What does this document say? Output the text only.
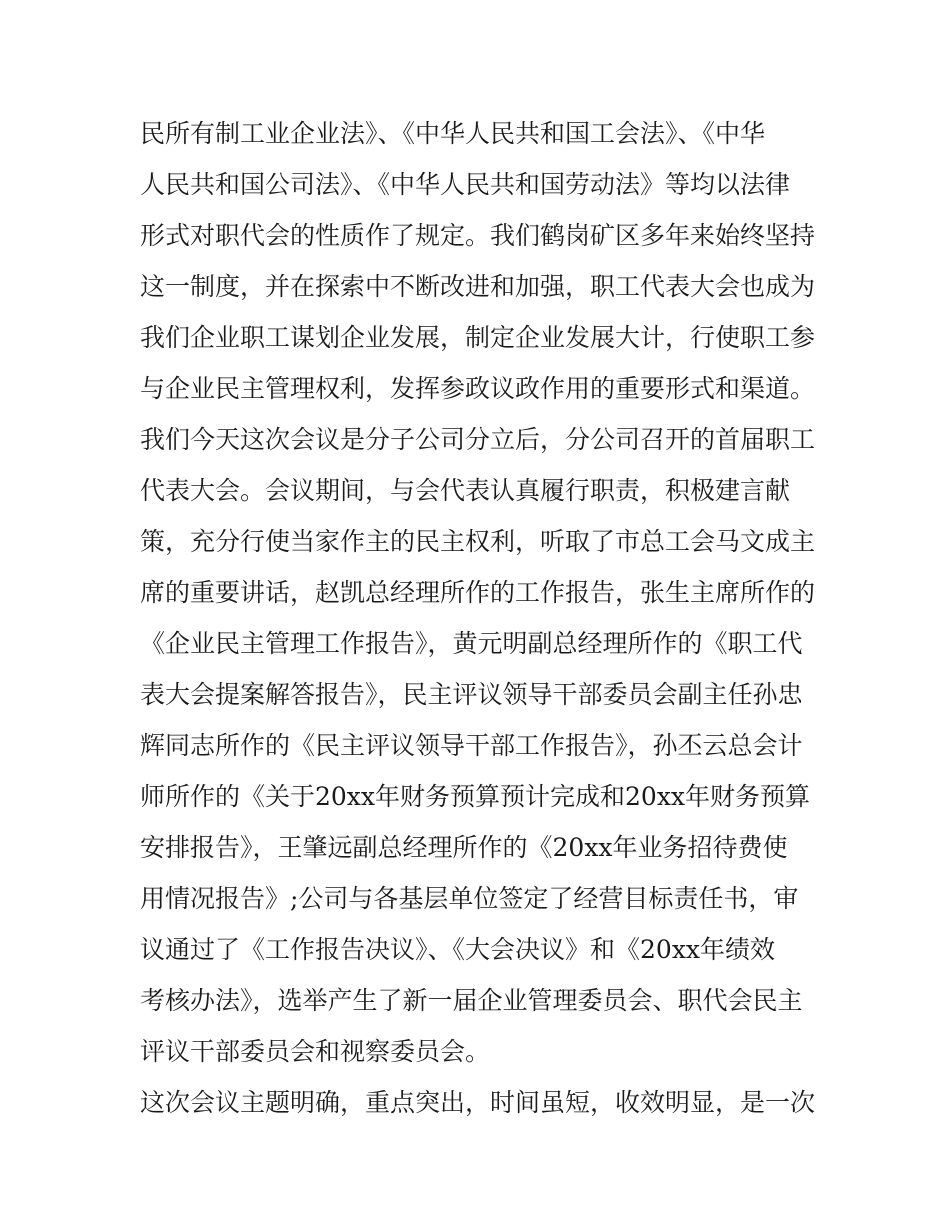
民所有制工业企业法》、《中华人民共和国工会法》、《中华
人民共和国公司法》、《中华人民共和国劳动法》等均以法律
形式对职代会的性质作了规定。我们鹤岗矿区多年来始终坚持
这一制度，并在探索中不断改进和加强，职工代表大会也成为
我们企业职工谋划企业发展，制定企业发展大计，行使职工参
与企业民主管理权利，发挥参政议政作用的重要形式和渠道。
我们今天这次会议是分子公司分立后，分公司召开的首届职工
代表大会。会议期间，与会代表认真履行职责，积极建言献
策，充分行使当家作主的民主权利，听取了市总工会马文成主
席的重要讲话，赵凯总经理所作的工作报告，张生主席所作的
《企业民主管理工作报告》，黄元明副总经理所作的《职工代
表大会提案解答报告》，民主评议领导干部委员会副主任孙忠
辉同志所作的《民主评议领导干部工作报告》，孙丕云总会计
师所作的《关于20xx年财务预算预计完成和20xx年财务预算
安排报告》，王肇远副总经理所作的《20xx年业务招待费使
用情况报告》;公司与各基层单位签定了经营目标责任书，审
议通过了《工作报告决议》、《大会决议》和《20xx年绩效
考核办法》，选举产生了新一届企业管理委员会、职代会民主
评议干部委员会和视察委员会。
这次会议主题明确，重点突出，时间虽短，收效明显，是一次
